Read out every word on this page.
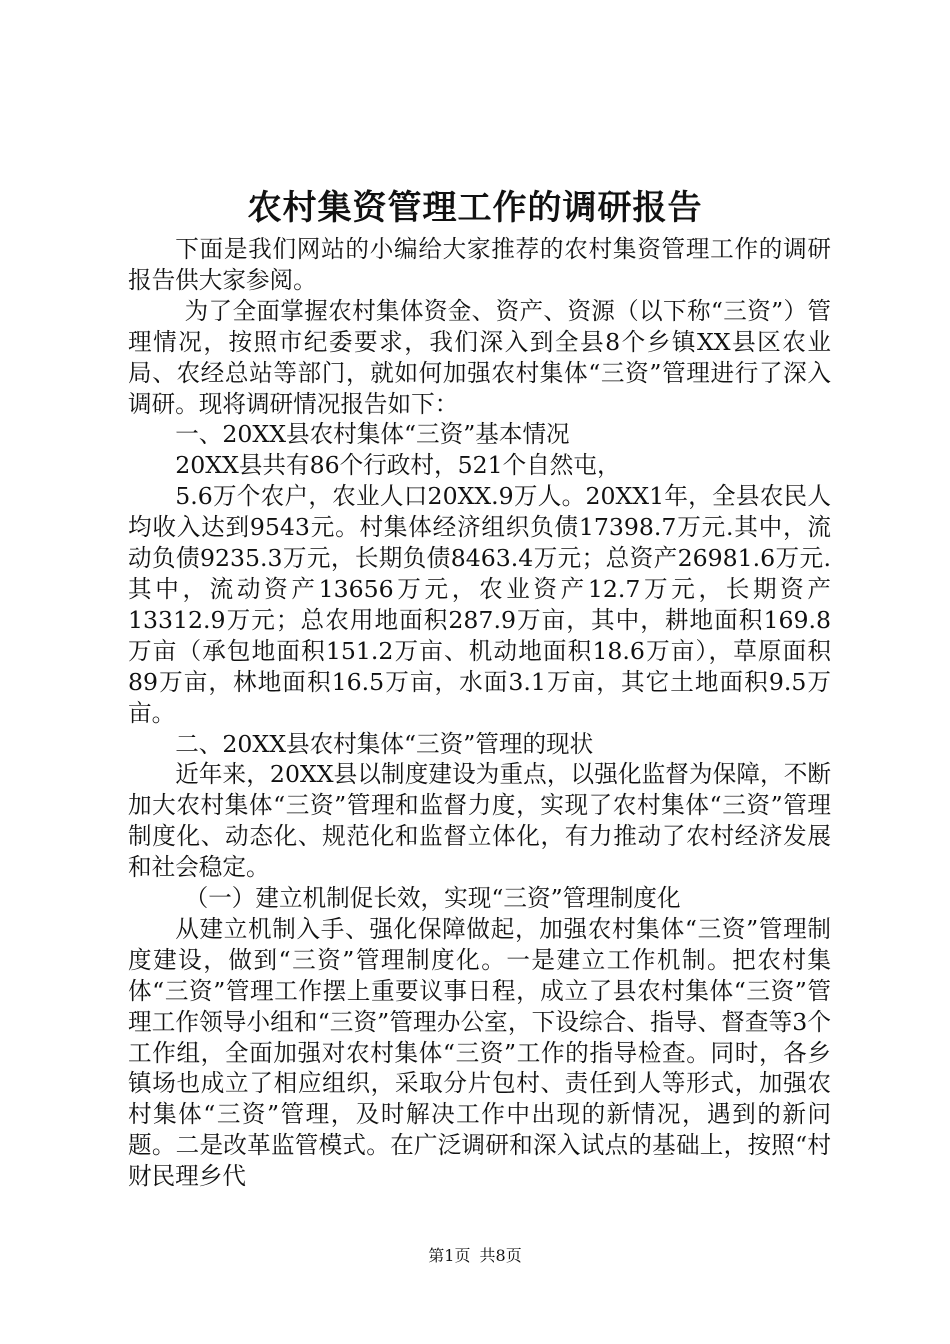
农村集资管理工作的调研报告

下面是我们网站的小编给大家推荐的农村集资管理工作的调研报告供大家参阅。

为了全面掌握农村集体资金、资产、资源（以下称“三资”）管理情况，按照市纪委要求，我们深入到全县8个乡镇XX县区农业局、农经总站等部门，就如何加强农村集体“三资”管理进行了深入调研。现将调研情况报告如下：

一、20XX县农村集体“三资”基本情况

20XX县共有86个行政村，521个自然屯，

5.6万个农户，农业人口20XX.9万人。20XX1年，全县农民人均收入达到9543元。村集体经济组织负债17398.7万元.其中，流动负债9235.3万元，长期负债8463.4万元；总资产26981.6万元.其中，流动资产13656万元，农业资产12.7万元，长期资产13312.9万元；总农用地面积287.9万亩，其中，耕地面积169.8万亩（承包地面积151.2万亩、机动地面积18.6万亩），草原面积89万亩，林地面积16.5万亩，水面3.1万亩，其它土地面积9.5万亩。

二、20XX县农村集体“三资”管理的现状

近年来，20XX县以制度建设为重点，以强化监督为保障，不断加大农村集体“三资”管理和监督力度，实现了农村集体“三资”管理制度化、动态化、规范化和监督立体化，有力推动了农村经济发展和社会稳定。

（一）建立机制促长效，实现“三资”管理制度化

从建立机制入手、强化保障做起，加强农村集体“三资”管理制度建设，做到“三资”管理制度化。一是建立工作机制。把农村集体“三资”管理工作摆上重要议事日程，成立了县农村集体“三资”管理工作领导小组和“三资”管理办公室，下设综合、指导、督查等3个工作组，全面加强对农村集体“三资”工作的指导检查。同时，各乡镇场也成立了相应组织，采取分片包村、责任到人等形式，加强农村集体“三资”管理，及时解决工作中出现的新情况，遇到的新问题。二是改革监管模式。在广泛调研和深入试点的基础上，按照“村财民理乡代

第1页 共8页
